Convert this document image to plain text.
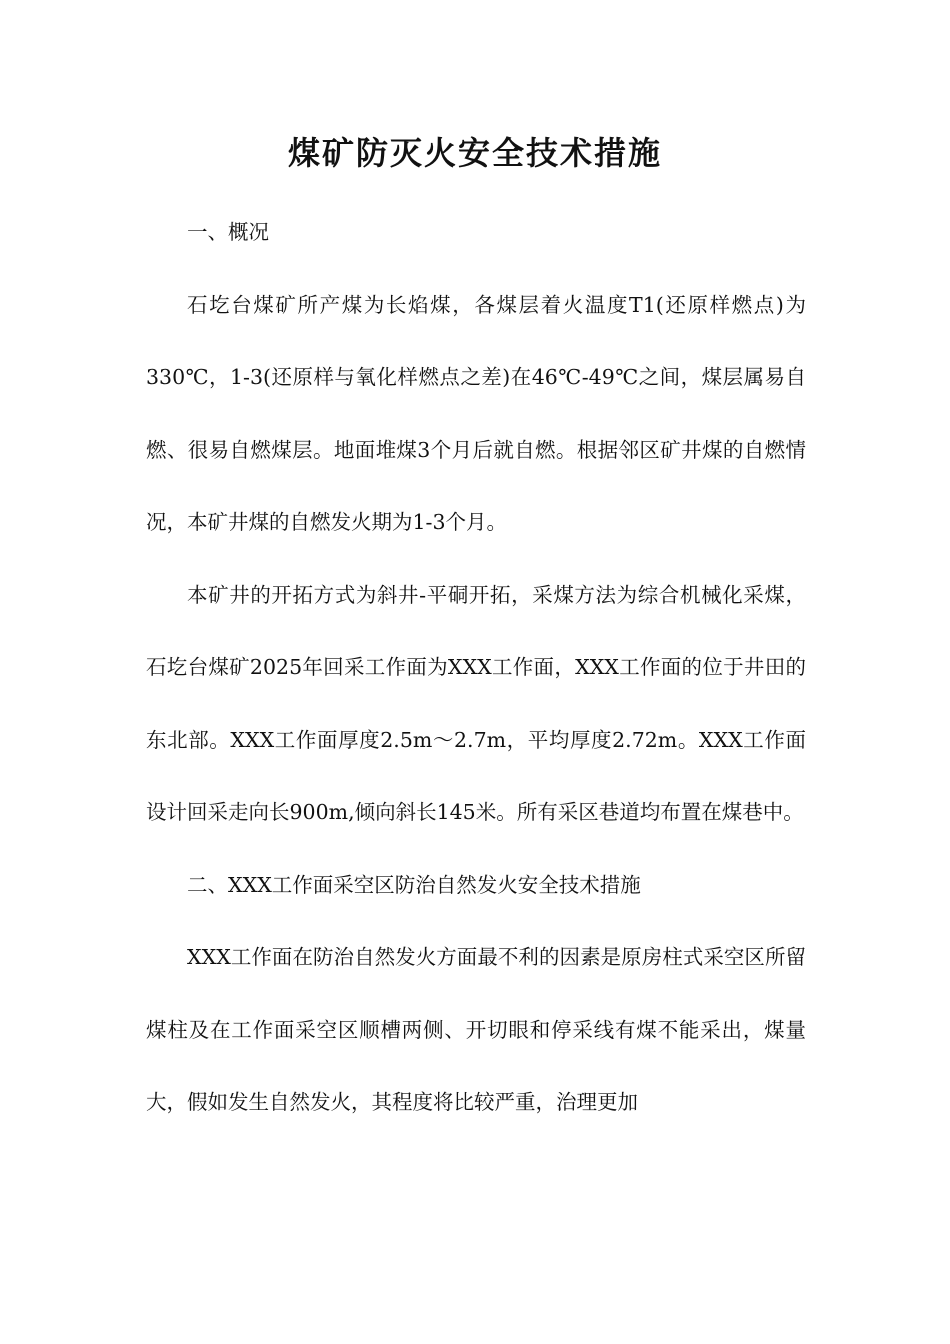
煤矿防灭火安全技术措施

一、概况

石圪台煤矿所产煤为长焰煤，各煤层着火温度T1(还原样燃点)为330℃，1-3(还原样与氧化样燃点之差)在46℃-49℃之间，煤层属易自燃、很易自燃煤层。地面堆煤3个月后就自燃。根据邻区矿井煤的自燃情况，本矿井煤的自燃发火期为1-3个月。

本矿井的开拓方式为斜井-平硐开拓，采煤方法为综合机械化采煤，石圪台煤矿2025年回采工作面为XXX工作面，XXX工作面的位于井田的东北部。XXX工作面厚度2.5m～2.7m，平均厚度2.72m。XXX工作面设计回采走向长900m,倾向斜长145米。所有采区巷道均布置在煤巷中。

二、XXX工作面采空区防治自然发火安全技术措施

XXX工作面在防治自然发火方面最不利的因素是原房柱式采空区所留煤柱及在工作面采空区顺槽两侧、开切眼和停采线有煤不能采出，煤量大，假如发生自然发火，其程度将比较严重，治理更加
